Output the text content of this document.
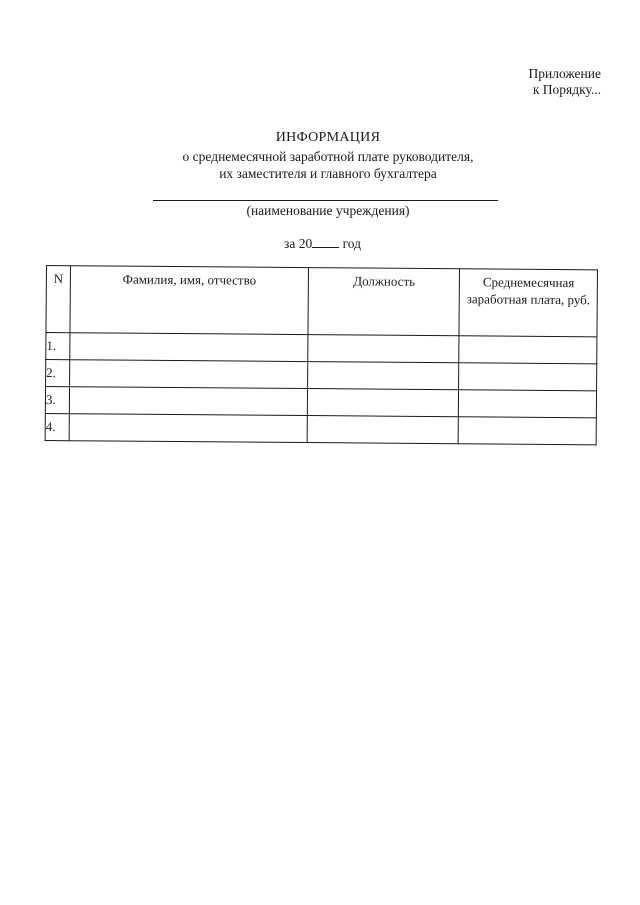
Приложение
к Порядку...
ИНФОРМАЦИЯ
о среднемесячной заработной плате руководителя,
их заместителя и главного бухгалтера
(наименование учреждения)
за 20 год
N	Фамилия, имя, отчество	Должность	Среднемесячная заработная плата, руб.
1.			
2.			
3.			
4.			
